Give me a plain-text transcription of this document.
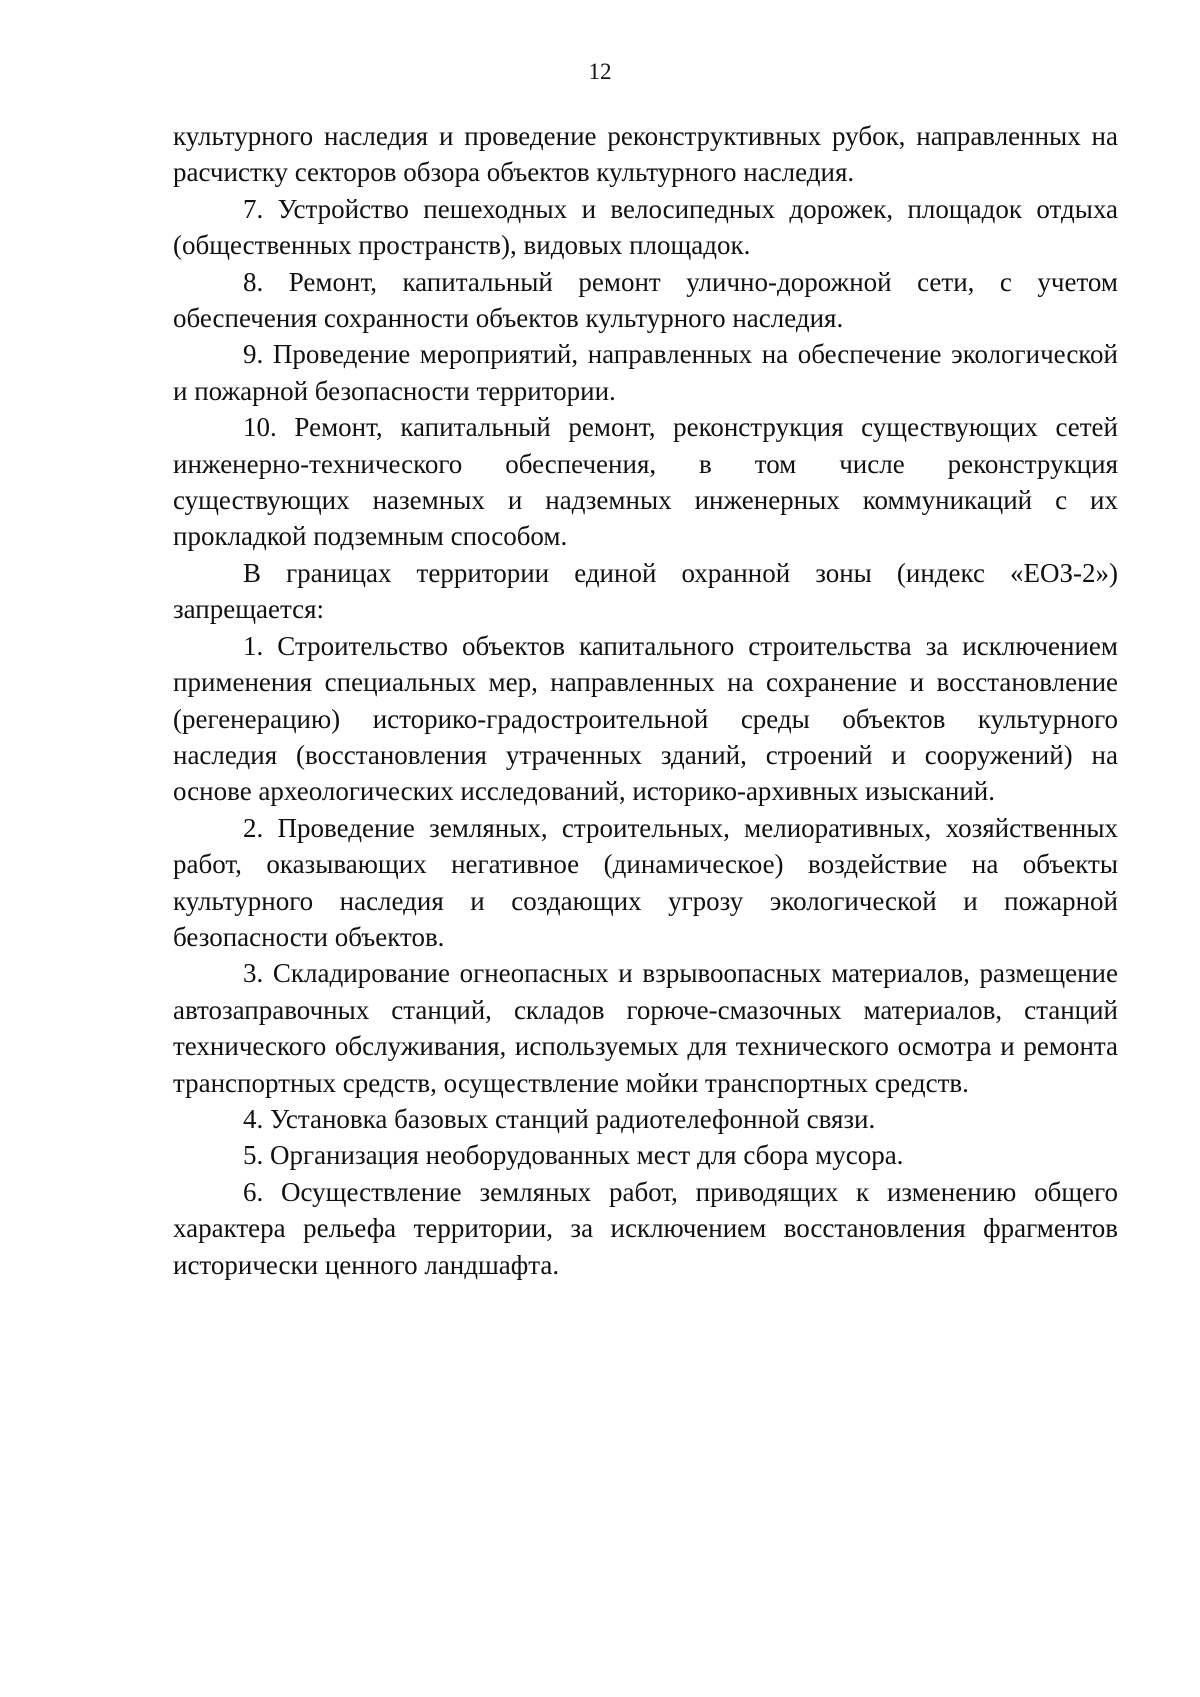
12

культурного наследия и проведение реконструктивных рубок, направленных на расчистку секторов обзора объектов культурного наследия.

7. Устройство пешеходных и велосипедных дорожек, площадок отдыха (общественных пространств), видовых площадок.

8. Ремонт, капитальный ремонт улично-дорожной сети, с учетом обеспечения сохранности объектов культурного наследия.

9. Проведение мероприятий, направленных на обеспечение экологической и пожарной безопасности территории.

10. Ремонт, капитальный ремонт, реконструкция существующих сетей инженерно-технического обеспечения, в том числе реконструкция существующих наземных и надземных инженерных коммуникаций с их прокладкой подземным способом.

В границах территории единой охранной зоны (индекс «ЕОЗ-2») запрещается:

1. Строительство объектов капитального строительства за исключением применения специальных мер, направленных на сохранение и восстановление (регенерацию) историко-градостроительной среды объектов культурного наследия (восстановления утраченных зданий, строений и сооружений) на основе археологических исследований, историко-архивных изысканий.

2. Проведение земляных, строительных, мелиоративных, хозяйственных работ, оказывающих негативное (динамическое) воздействие на объекты культурного наследия и создающих угрозу экологической и пожарной безопасности объектов.

3. Складирование огнеопасных и взрывоопасных материалов, размещение автозаправочных станций, складов горюче-смазочных материалов, станций технического обслуживания, используемых для технического осмотра и ремонта транспортных средств, осуществление мойки транспортных средств.

4. Установка базовых станций радиотелефонной связи.

5. Организация необорудованных мест для сбора мусора.

6. Осуществление земляных работ, приводящих к изменению общего характера рельефа территории, за исключением восстановления фрагментов исторически ценного ландшафта.
